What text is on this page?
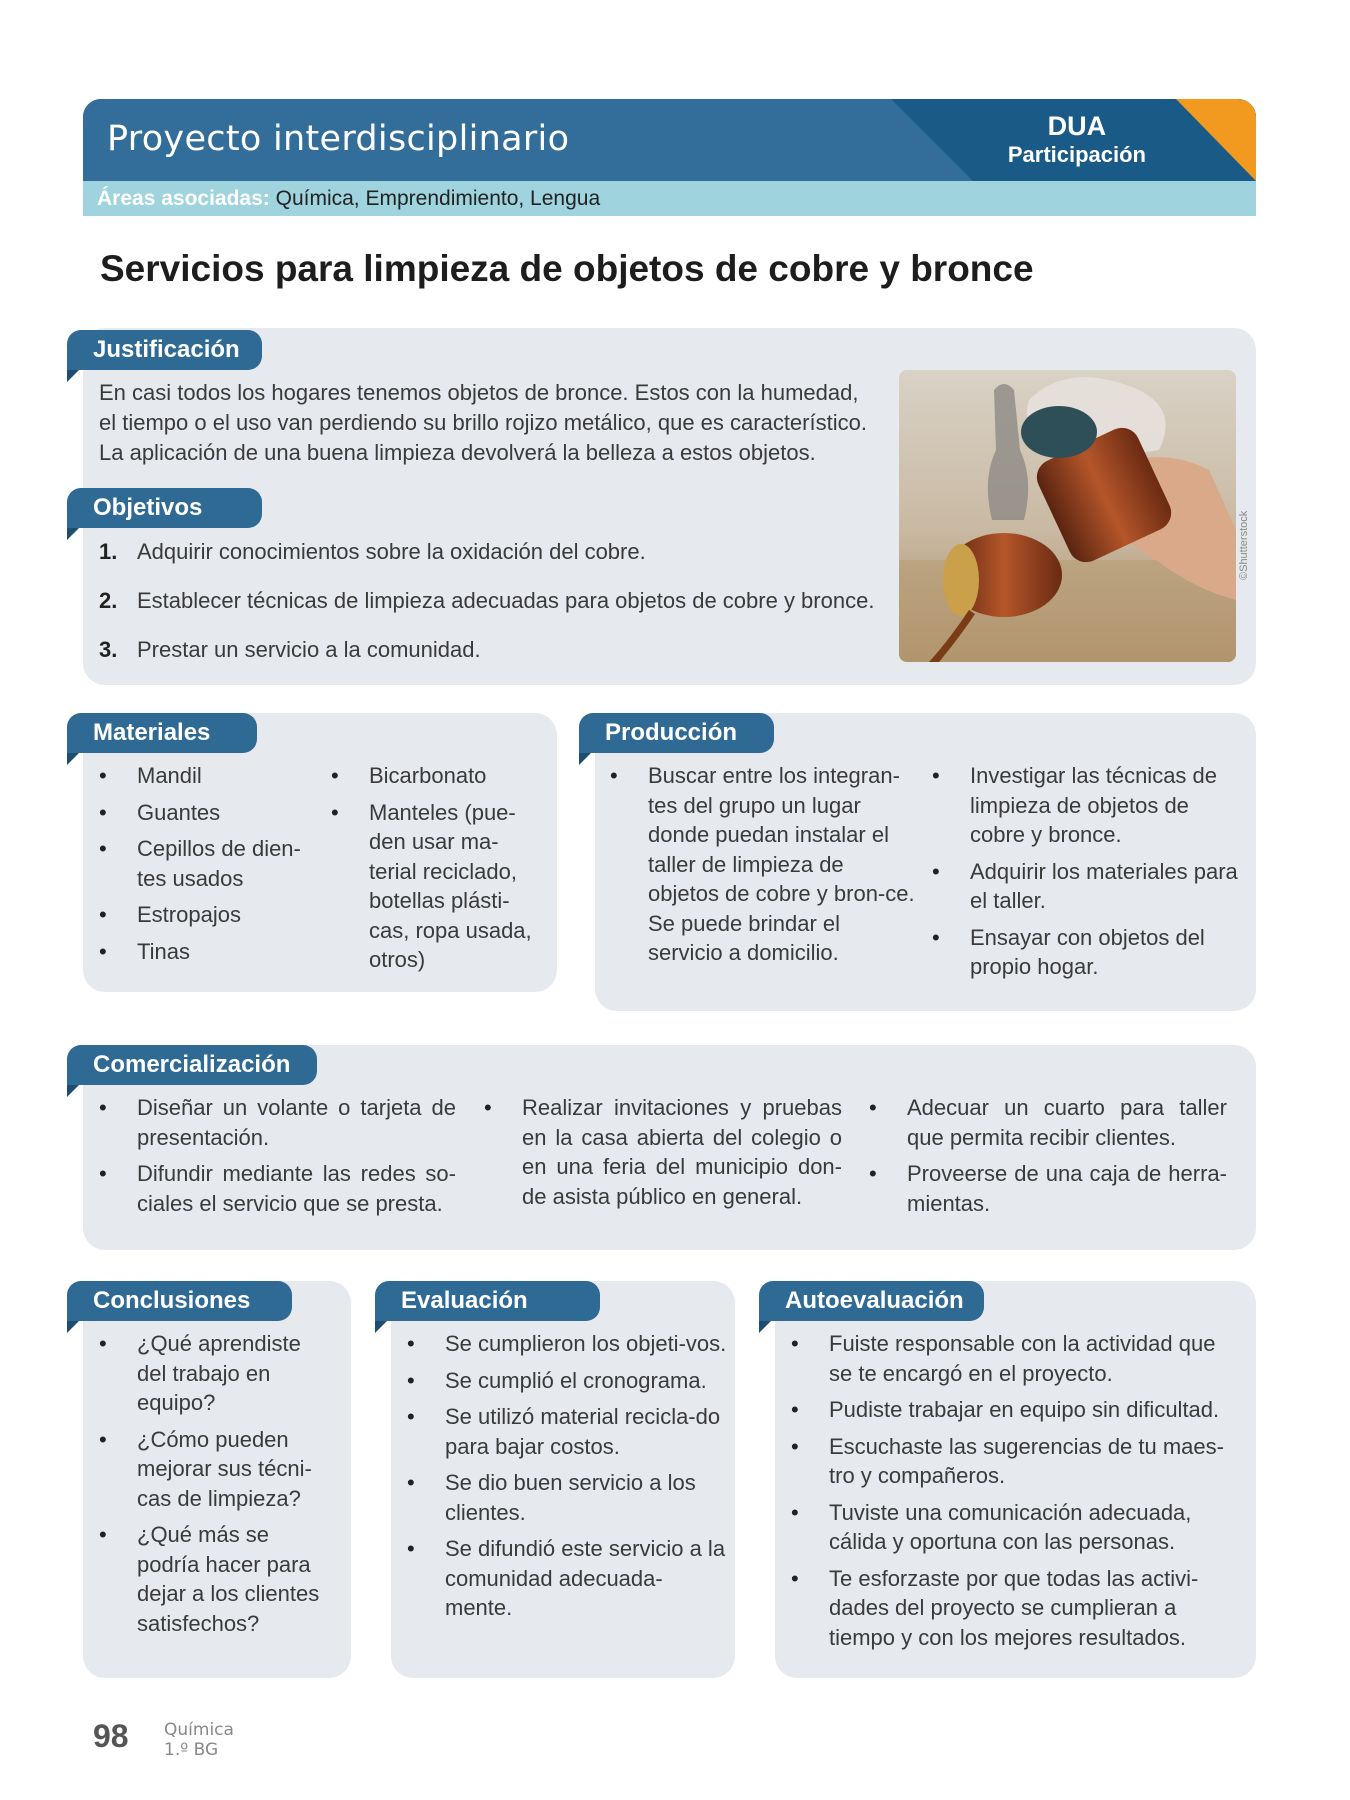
Proyecto interdisciplinario	DUA
Participación
Áreas asociadas: Química, Emprendimiento, Lengua
Servicios para limpieza de objetos de cobre y bronce
Justificación
En casi todos los hogares tenemos objetos de bronce. Estos con la humedad,
el tiempo o el uso van perdiendo su brillo rojizo metálico, que es característico.
La aplicación de una buena limpieza devolverá la belleza a estos objetos.
Objetivos
1. Adquirir conocimientos sobre la oxidación del cobre.
2. Establecer técnicas de limpieza adecuadas para objetos de cobre y bronce.
3. Prestar un servicio a la comunidad.
©Shutterstock
Materiales
• Mandil
• Guantes
• Cepillos de dien-tes usados
• Estropajos
• Tinas
• Bicarbonato
• Manteles (pue-den usar ma-terial reciclado, botellas plásti-cas, ropa usada, otros)
Producción
• Buscar entre los integran-tes del grupo un lugar donde puedan instalar el taller de limpieza de objetos de cobre y bron-ce. Se puede brindar el servicio a domicilio.
• Investigar las técnicas de limpieza de objetos de cobre y bronce.
• Adquirir los materiales para el taller.
• Ensayar con objetos del propio hogar.
Comercialización
• Diseñar un volante o tarjeta de presentación.
• Difundir mediante las redes so-ciales el servicio que se presta.
• Realizar invitaciones y pruebas en la casa abierta del colegio o en una feria del municipio don-de asista público en general.
• Adecuar un cuarto para taller que permita recibir clientes.
• Proveerse de una caja de herra-mientas.
Conclusiones
• ¿Qué aprendiste del trabajo en equipo?
• ¿Cómo pueden mejorar sus técni-cas de limpieza?
• ¿Qué más se podría hacer para dejar a los clientes satisfechos?
Evaluación
• Se cumplieron los objeti-vos.
• Se cumplió el cronograma.
• Se utilizó material recicla-do para bajar costos.
• Se dio buen servicio a los clientes.
• Se difundió este servicio a la comunidad adecuada-mente.
Autoevaluación
• Fuiste responsable con la actividad que se te encargó en el proyecto.
• Pudiste trabajar en equipo sin dificultad.
• Escuchaste las sugerencias de tu maes-tro y compañeros.
• Tuviste una comunicación adecuada, cálida y oportuna con las personas.
• Te esforzaste por que todas las activi-dades del proyecto se cumplieran a tiempo y con los mejores resultados.
98 Química
1.º BG
